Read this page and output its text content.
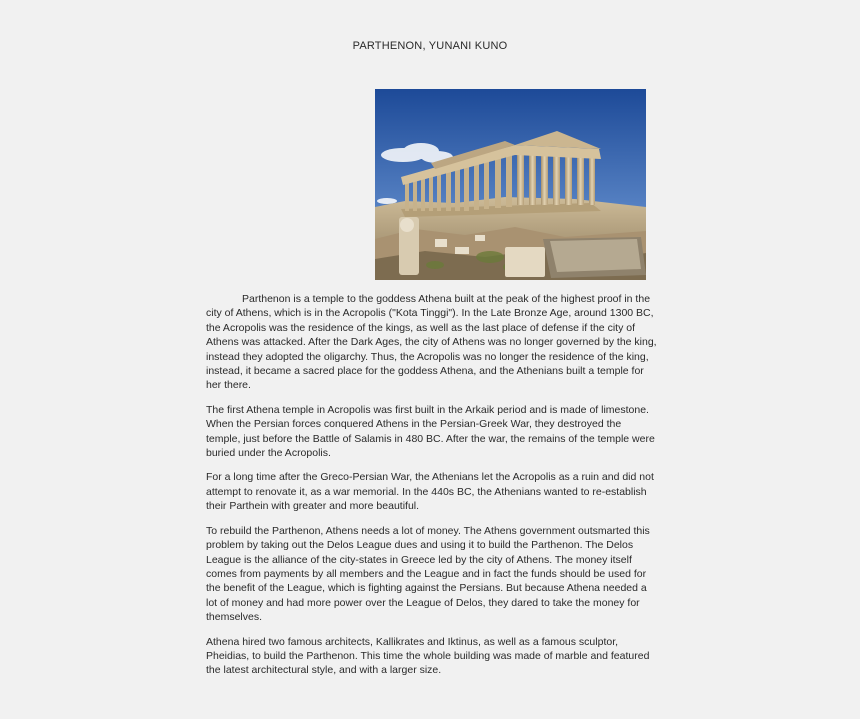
PARTHENON, YUNANI KUNO

Parthenon is a temple to the goddess Athena built at the peak of the highest proof in the city of Athens, which is in the Acropolis ("Kota Tinggi"). In the Late Bronze Age, around 1300 BC, the Acropolis was the residence of the kings, as well as the last place of defense if the city of Athens was attacked. After the Dark Ages, the city of Athens was no longer governed by the king, instead they adopted the oligarchy. Thus, the Acropolis was no longer the residence of the king, instead, it became a sacred place for the goddess Athena, and the Athenians built a temple for her there.

The first Athena temple in Acropolis was first built in the Arkaik period and is made of limestone. When the Persian forces conquered Athens in the Persian-Greek War, they destroyed the temple, just before the Battle of Salamis in 480 BC. After the war, the remains of the temple were buried under the Acropolis.

For a long time after the Greco-Persian War, the Athenians let the Acropolis as a ruin and did not attempt to renovate it, as a war memorial. In the 440s BC, the Athenians wanted to re-establish their Parthein with greater and more beautiful.

To rebuild the Parthenon, Athens needs a lot of money. The Athens government outsmarted this problem by taking out the Delos League dues and using it to build the Parthenon. The Delos League is the alliance of the city-states in Greece led by the city of Athens. The money itself comes from payments by all members and the League and in fact the funds should be used for the benefit of the League, which is fighting against the Persians. But because Athena needed a lot of money and had more power over the League of Delos, they dared to take the money for themselves.

Athena hired two famous architects, Kallikrates and Iktinus, as well as a famous sculptor, Pheidias, to build the Parthenon. This time the whole building was made of marble and featured the latest architectural style, and with a larger size.
